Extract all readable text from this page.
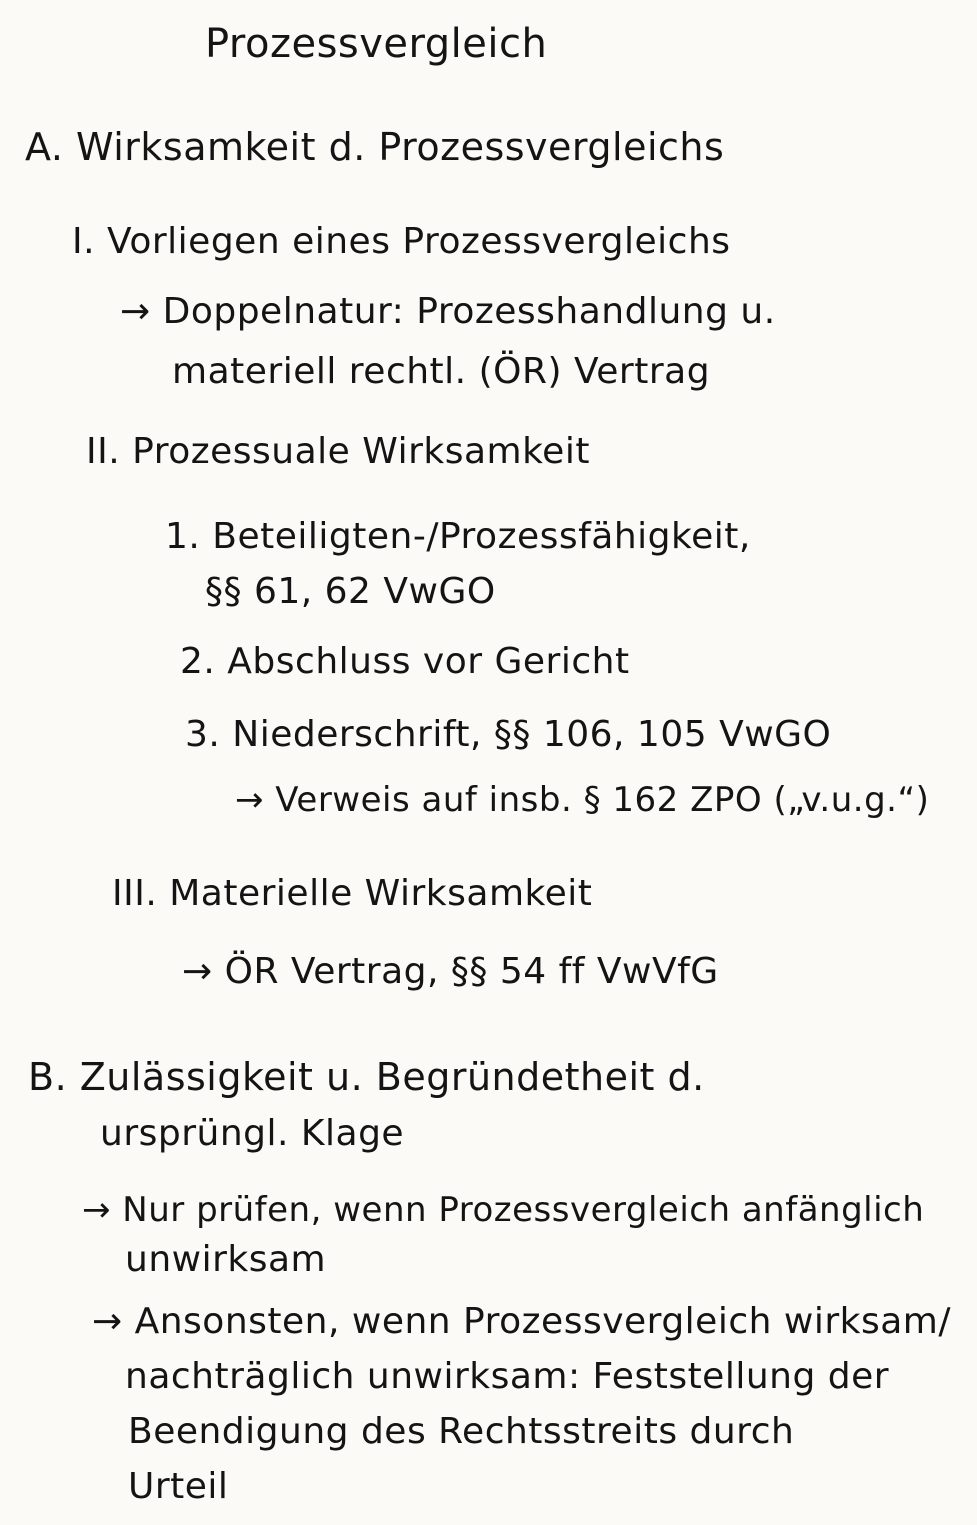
Prozessvergleich
A. Wirksamkeit d. Prozessvergleichs
I. Vorliegen eines Prozessvergleichs
→ Doppelnatur: Prozesshandlung u.
materiell rechtl. (ÖR) Vertrag
II. Prozessuale Wirksamkeit
1. Beteiligten-/Prozessfähigkeit,
§§ 61, 62 VwGO
2. Abschluss vor Gericht
3. Niederschrift, §§ 106, 105 VwGO
→ Verweis auf insb. § 162 ZPO („v.u.g.“)
III. Materielle Wirksamkeit
→ ÖR Vertrag, §§ 54 ff VwVfG
B. Zulässigkeit u. Begründetheit d.
ursprüngl. Klage
→ Nur prüfen, wenn Prozessvergleich anfänglich
unwirksam
→ Ansonsten, wenn Prozessvergleich wirksam/
nachträglich unwirksam: Feststellung der
Beendigung des Rechtsstreits durch
Urteil
